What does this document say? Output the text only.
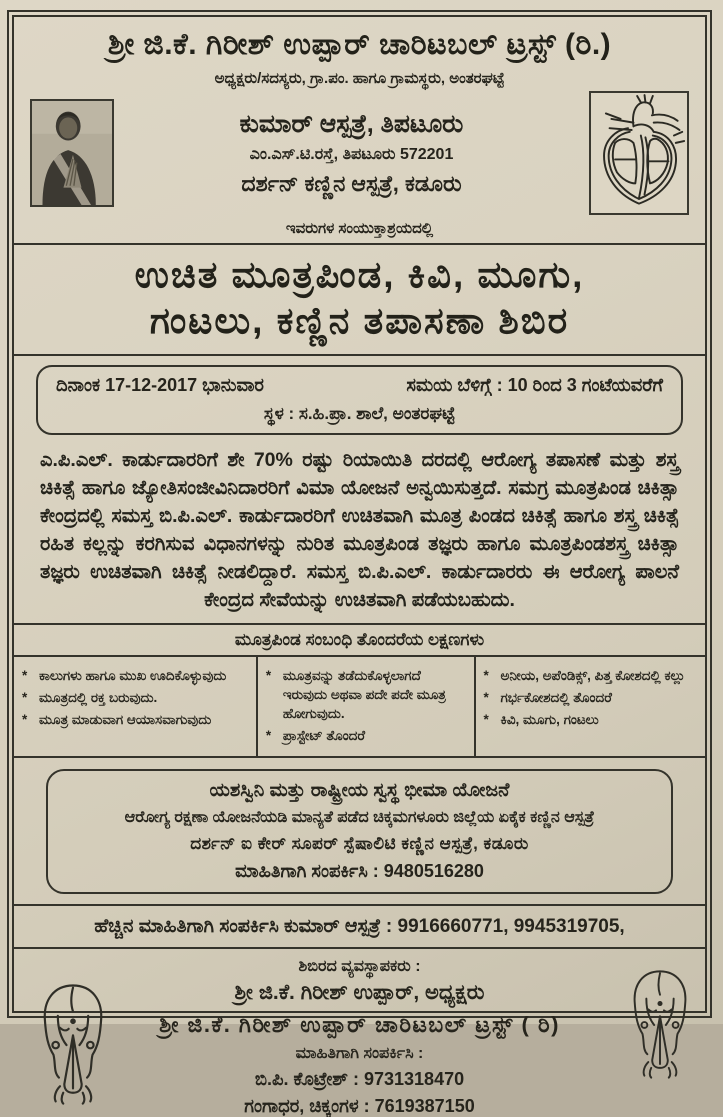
ಶ್ರೀ ಜಿ.ಕೆ. ಗಿರೀಶ್ ಉಪ್ಪಾರ್ ಚಾರಿಟಬಲ್ ಟ್ರಸ್ಟ್ (ರಿ.)
ಅಧ್ಯಕ್ಷರು/ಸದಸ್ಯರು, ಗ್ರಾ.ಪಂ. ಹಾಗೂ ಗ್ರಾಮಸ್ಥರು, ಅಂತರಘಟ್ಟೆ
ಕುಮಾರ್ ಆಸ್ಪತ್ರೆ, ತಿಪಟೂರು
ಎಂ.ಎಸ್.ಟಿ.ರಸ್ತೆ, ತಿಪಟೂರು 572201
ದರ್ಶನ್ ಕಣ್ಣಿನ ಆಸ್ಪತ್ರೆ, ಕಡೂರು
ಇವರುಗಳ ಸಂಯುಕ್ತಾಶ್ರಯದಲ್ಲಿ
ಉಚಿತ ಮೂತ್ರಪಿಂಡ, ಕಿವಿ, ಮೂಗು,
ಗಂಟಲು, ಕಣ್ಣಿನ ತಪಾಸಣಾ ಶಿಬಿರ
ದಿನಾಂಕ 17-12-2017 ಭಾನುವಾರ	ಸಮಯ ಬೆಳಿಗ್ಗೆ : 10 ರಿಂದ 3 ಗಂಟೆಯವರೆಗೆ
ಸ್ಥಳ : ಸ.ಹಿ.ಪ್ರಾ. ಶಾಲೆ, ಅಂತರಘಟ್ಟೆ

ಎ.ಪಿ.ಎಲ್. ಕಾರ್ಡುದಾರರಿಗೆ ಶೇ 70% ರಷ್ಟು ರಿಯಾಯಿತಿ ದರದಲ್ಲಿ ಆರೋಗ್ಯ ತಪಾಸಣೆ ಮತ್ತು ಶಸ್ತ್ರ ಚಿಕಿತ್ಸೆ ಹಾಗೂ ಜ್ಯೋತಿಸಂಜೀವಿನಿದಾರರಿಗೆ ವಿಮಾ ಯೋಜನೆ ಅನ್ವಯಿಸುತ್ತದೆ. ಸಮಗ್ರ ಮೂತ್ರಪಿಂಡ ಚಿಕಿತ್ಸಾ ಕೇಂದ್ರದಲ್ಲಿ ಸಮಸ್ತ ಬಿ.ಪಿ.ಎಲ್. ಕಾರ್ಡುದಾರರಿಗೆ ಉಚಿತವಾಗಿ ಮೂತ್ರ ಪಿಂಡದ ಚಿಕಿತ್ಸೆ ಹಾಗೂ ಶಸ್ತ್ರ ಚಿಕಿತ್ಸೆ ರಹಿತ ಕಲ್ಲನ್ನು ಕರಗಿಸುವ ವಿಧಾನಗಳನ್ನು ನುರಿತ ಮೂತ್ರಪಿಂಡ ತಜ್ಞರು ಹಾಗೂ ಮೂತ್ರಪಿಂಡಶಸ್ತ್ರ ಚಿಕಿತ್ಸಾ ತಜ್ಞರು ಉಚಿತವಾಗಿ ಚಿಕಿತ್ಸೆ ನೀಡಲಿದ್ದಾರೆ. ಸಮಸ್ತ ಬಿ.ಪಿ.ಎಲ್. ಕಾರ್ಡುದಾರರು ಈ ಆರೋಗ್ಯ ಪಾಲನೆ ಕೇಂದ್ರದ ಸೇವೆಯನ್ನು ಉಚಿತವಾಗಿ ಪಡೆಯಬಹುದು.

ಮೂತ್ರಪಿಂಡ ಸಂಬಂಧಿ ತೊಂದರೆಯ ಲಕ್ಷಣಗಳು
* ಕಾಲುಗಳು ಹಾಗೂ ಮುಖ ಊದಿಕೊಳ್ಳುವುದು
* ಮೂತ್ರದಲ್ಲಿ ರಕ್ತ ಬರುವುದು.
* ಮೂತ್ರ ಮಾಡುವಾಗ ಆಯಾಸವಾಗುವುದು
* ಮೂತ್ರವನ್ನು ತಡೆದುಕೊಳ್ಳಲಾಗದೆ ಇರುವುದು ಅಥವಾ ಪದೇ ಪದೇ ಮೂತ್ರ ಹೋಗುವುದು.
* ಪ್ರಾಸ್ಟೇಟ್ ತೊಂದರೆ
* ಅನೀಯ, ಅಪೆಂಡಿಕ್ಸ್, ಪಿತ್ತ ಕೋಶದಲ್ಲಿ ಕಲ್ಲು
* ಗರ್ಭಕೋಶದಲ್ಲಿ ತೊಂದರೆ
* ಕಿವಿ, ಮೂಗು, ಗಂಟಲು
ಯಶಸ್ವಿನಿ ಮತ್ತು ರಾಷ್ಟ್ರೀಯ ಸ್ವಸ್ಥ ಭೀಮಾ ಯೋಜನೆ
ಆರೋಗ್ಯ ರಕ್ಷಣಾ ಯೋಜನೆಯಡಿ ಮಾನ್ಯತೆ ಪಡೆದ ಚಿಕ್ಕಮಗಳೂರು ಜಿಲ್ಲೆಯ ಏಕೈಕ ಕಣ್ಣಿನ ಆಸ್ಪತ್ರೆ
ದರ್ಶನ್ ಐ ಕೇರ್ ಸೂಪರ್ ಸ್ಪೆಷಾಲಿಟಿ ಕಣ್ಣಿನ ಆಸ್ಪತ್ರೆ, ಕಡೂರು
ಮಾಹಿತಿಗಾಗಿ ಸಂಪರ್ಕಿಸಿ : 9480516280
ಹೆಚ್ಚಿನ ಮಾಹಿತಿಗಾಗಿ ಸಂಪರ್ಕಿಸಿ ಕುಮಾರ್ ಆಸ್ಪತ್ರೆ : 9916660771, 9945319705,
ಶಿಬಿರದ ವ್ಯವಸ್ಥಾಪಕರು :
ಶ್ರೀ ಜಿ.ಕೆ. ಗಿರೀಶ್ ಉಪ್ಪಾರ್, ಅಧ್ಯಕ್ಷರು
ಶ್ರೀ ಜಿ.ಕೆ. ಗಿರೀಶ್ ಉಪ್ಪಾರ್ ಚಾರಿಟಬಲ್ ಟ್ರಸ್ಟ್ ( ರಿ)
ಮಾಹಿತಿಗಾಗಿ ಸಂಪರ್ಕಿಸಿ :
ಬಿ.ಪಿ. ಕೊಟ್ರೇಶ್ : 9731318470
ಗಂಗಾಧರ, ಚಿಕ್ಕಂಗಳ : 7619387150
